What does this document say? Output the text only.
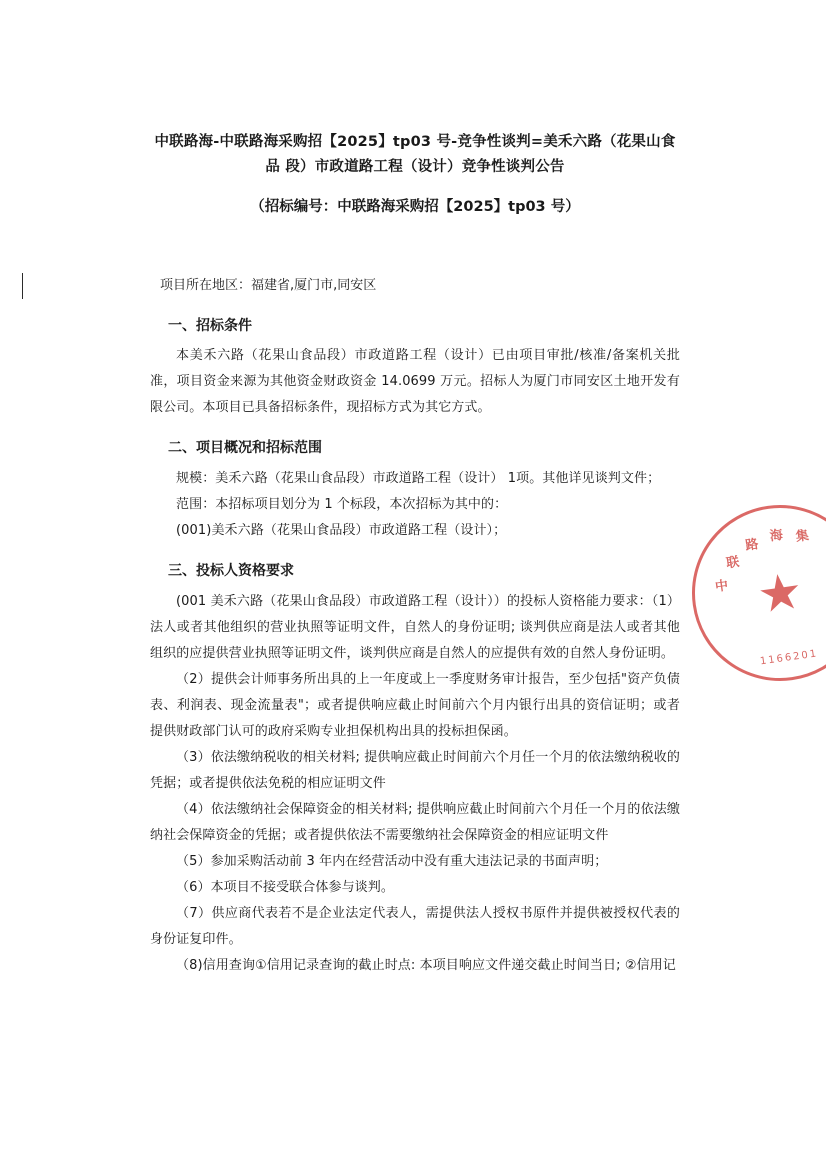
★
中
联
路
海 集
1166201
中联路海-中联路海采购招【2025】tp03 号-竞争性谈判=美禾六路（花果山食品 段）市政道路工程（设计）竞争性谈判公告
（招标编号：中联路海采购招【2025】tp03 号）
项目所在地区：福建省,厦门市,同安区
一、招标条件

本美禾六路（花果山食品段）市政道路工程（设计）已由项目审批/核准/备案机关批准，项目资金来源为其他资金财政资金 14.0699 万元。招标人为厦门市同安区土地开发有限公司。本项目已具备招标条件，现招标方式为其它方式。

二、项目概况和招标范围

规模：美禾六路（花果山食品段）市政道路工程（设计） 1项。其他详见谈判文件；

范围：本招标项目划分为 1 个标段，本次招标为其中的：

(001)美禾六路（花果山食品段）市政道路工程（设计）；

三、投标人资格要求

(001 美禾六路（花果山食品段）市政道路工程（设计））的投标人资格能力要求：（1）法人或者其他组织的营业执照等证明文件，自然人的身份证明; 谈判供应商是法人或者其他组织的应提供营业执照等证明文件，谈判供应商是自然人的应提供有效的自然人身份证明。

（2）提供会计师事务所出具的上一年度或上一季度财务审计报告，至少包括"资产负债表、利润表、现金流量表"；或者提供响应截止时间前六个月内银行出具的资信证明；或者提供财政部门认可的政府采购专业担保机构出具的投标担保函。

（3）依法缴纳税收的相关材料; 提供响应截止时间前六个月任一个月的依法缴纳税收的凭据；或者提供依法免税的相应证明文件

（4）依法缴纳社会保障资金的相关材料; 提供响应截止时间前六个月任一个月的依法缴纳社会保障资金的凭据；或者提供依法不需要缴纳社会保障资金的相应证明文件

（5）参加采购活动前 3 年内在经营活动中没有重大违法记录的书面声明；

（6）本项目不接受联合体参与谈判。

（7）供应商代表若不是企业法定代表人，需提供法人授权书原件并提供被授权代表的身份证复印件。

（8)信用查询①信用记录查询的截止时点: 本项目响应文件递交截止时间当日; ②信用记
